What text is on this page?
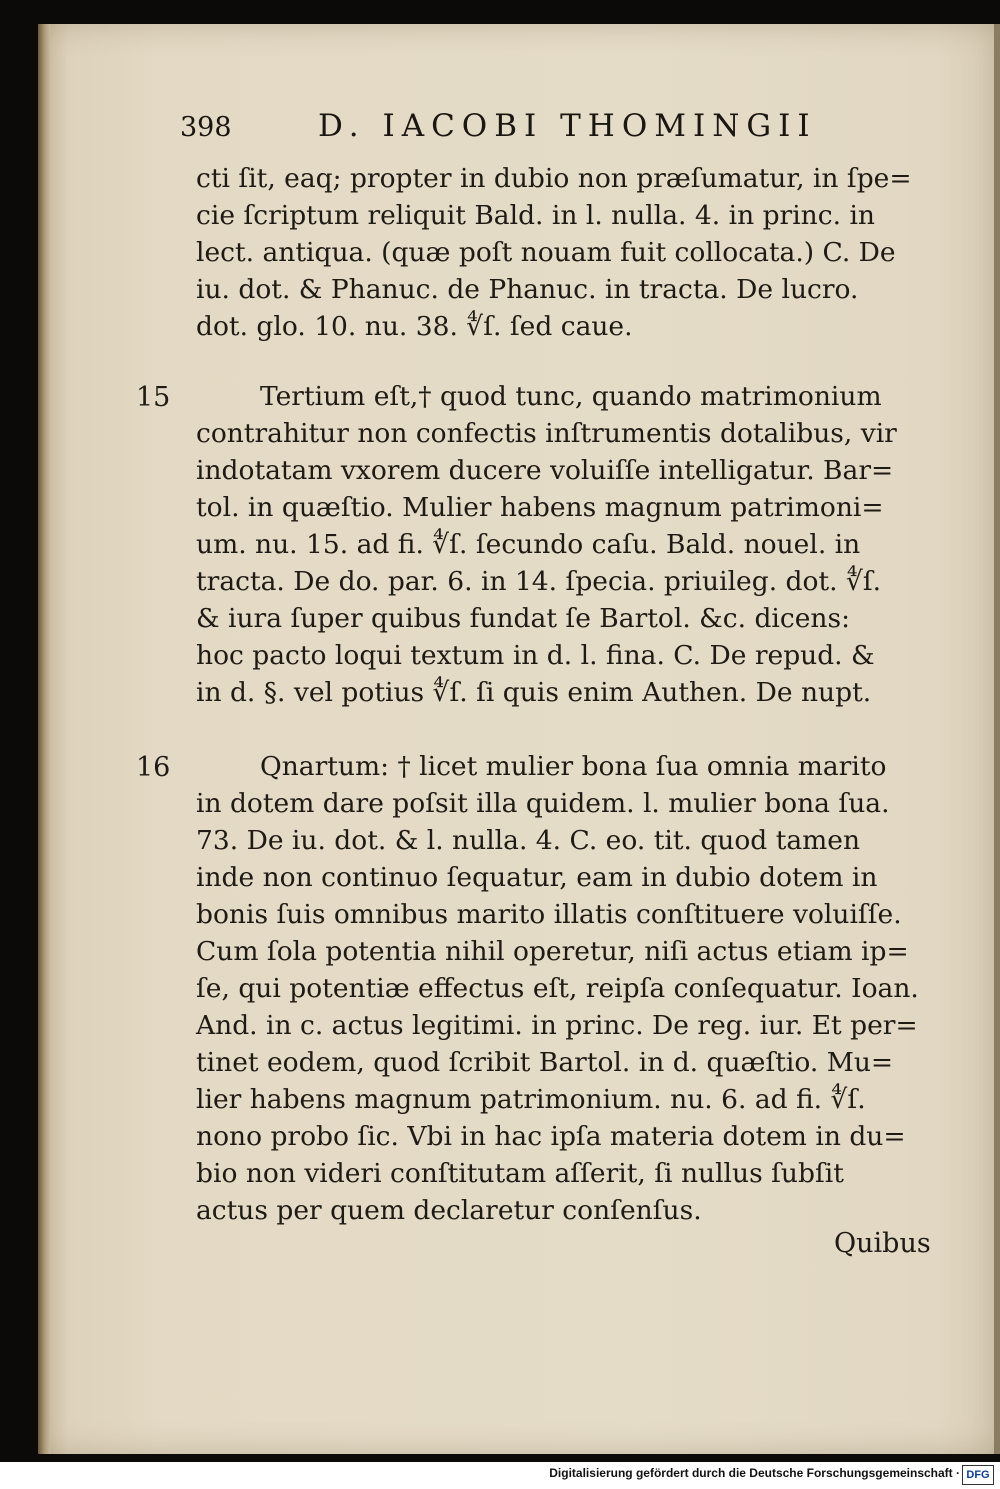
398	D. IACOBI THOMINGII
cti ſit, eaq; propter in dubio non præſumatur, in ſpe=
cie ſcriptum reliquit Bald. in l. nulla. 4. in princ. in
lect. antiqua. (quæ poſt nouam fuit collocata.) C. De
iu. dot. & Phanuc. de Phanuc. in tracta. De lucro.
dot. glo. 10. nu. 38. ∜ſ. ſed caue.
15	Tertium eſt,† quod tunc, quando matrimonium
contrahitur non confectis inſtrumentis dotalibus, vir
indotatam vxorem ducere voluiſſe intelligatur. Bar=
tol. in quæſtio. Mulier habens magnum patrimoni=
um. nu. 15. ad fi. ∜ſ. ſecundo caſu. Bald. nouel. in
tracta. De do. par. 6. in 14. ſpecia. priuileg. dot. ∜ſ.
& iura ſuper quibus fundat ſe Bartol. &c. dicens:
hoc pacto loqui textum in d. l. fina. C. De repud. &
in d. §. vel potius ∜ſ. ſi quis enim Authen. De nupt.
16	Qnartum: † licet mulier bona ſua omnia marito
in dotem dare poſsit illa quidem. l. mulier bona ſua.
73. De iu. dot. & l. nulla. 4. C. eo. tit. quod tamen
inde non continuo ſequatur, eam in dubio dotem in
bonis ſuis omnibus marito illatis conſtituere voluiſſe.
Cum ſola potentia nihil operetur, niſi actus etiam ip=
ſe, qui potentiæ effectus eſt, reipſa conſequatur. Ioan.
And. in c. actus legitimi. in princ. De reg. iur. Et per=
tinet eodem, quod ſcribit Bartol. in d. quæſtio. Mu=
lier habens magnum patrimonium. nu. 6. ad fi. ∜ſ.
nono probo ſic. Vbi in hac ipſa materia dotem in du=
bio non videri conſtitutam aſſerit, ſi nullus ſubſit
actus per quem declaretur conſenſus.
Quibus
Digitalisierung gefördert durch die Deutsche Forschungsgemeinschaft · DFG
